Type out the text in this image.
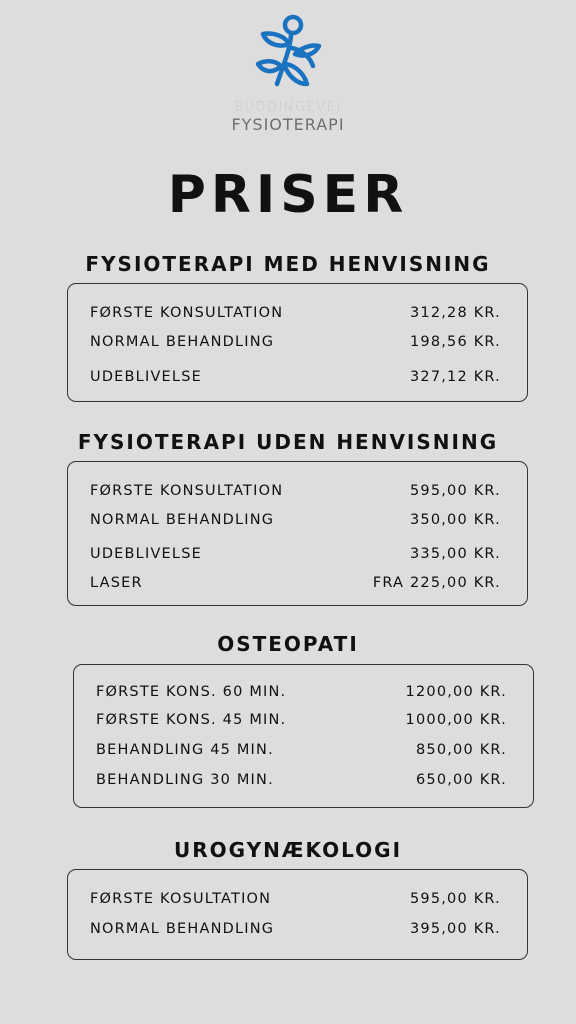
BUDDINGEVEJ
FYSIOTERAPI
PRISER
FYSIOTERAPI MED HENVISNING
FØRSTE KONSULTATION	312,28 KR.
NORMAL BEHANDLING	198,56 KR.
UDEBLIVELSE	327,12 KR.
FYSIOTERAPI UDEN HENVISNING
FØRSTE KONSULTATION	595,00 KR.
NORMAL BEHANDLING	350,00 KR.
UDEBLIVELSE	335,00 KR.
LASER	FRA 225,00 KR.
OSTEOPATI
FØRSTE KONS. 60 MIN.	1200,00 KR.
FØRSTE KONS. 45 MIN.	1000,00 KR.
BEHANDLING 45 MIN.	850,00 KR.
BEHANDLING 30 MIN.	650,00 KR.
UROGYNÆKOLOGI
FØRSTE KOSULTATION	595,00 KR.
NORMAL BEHANDLING	395,00 KR.
